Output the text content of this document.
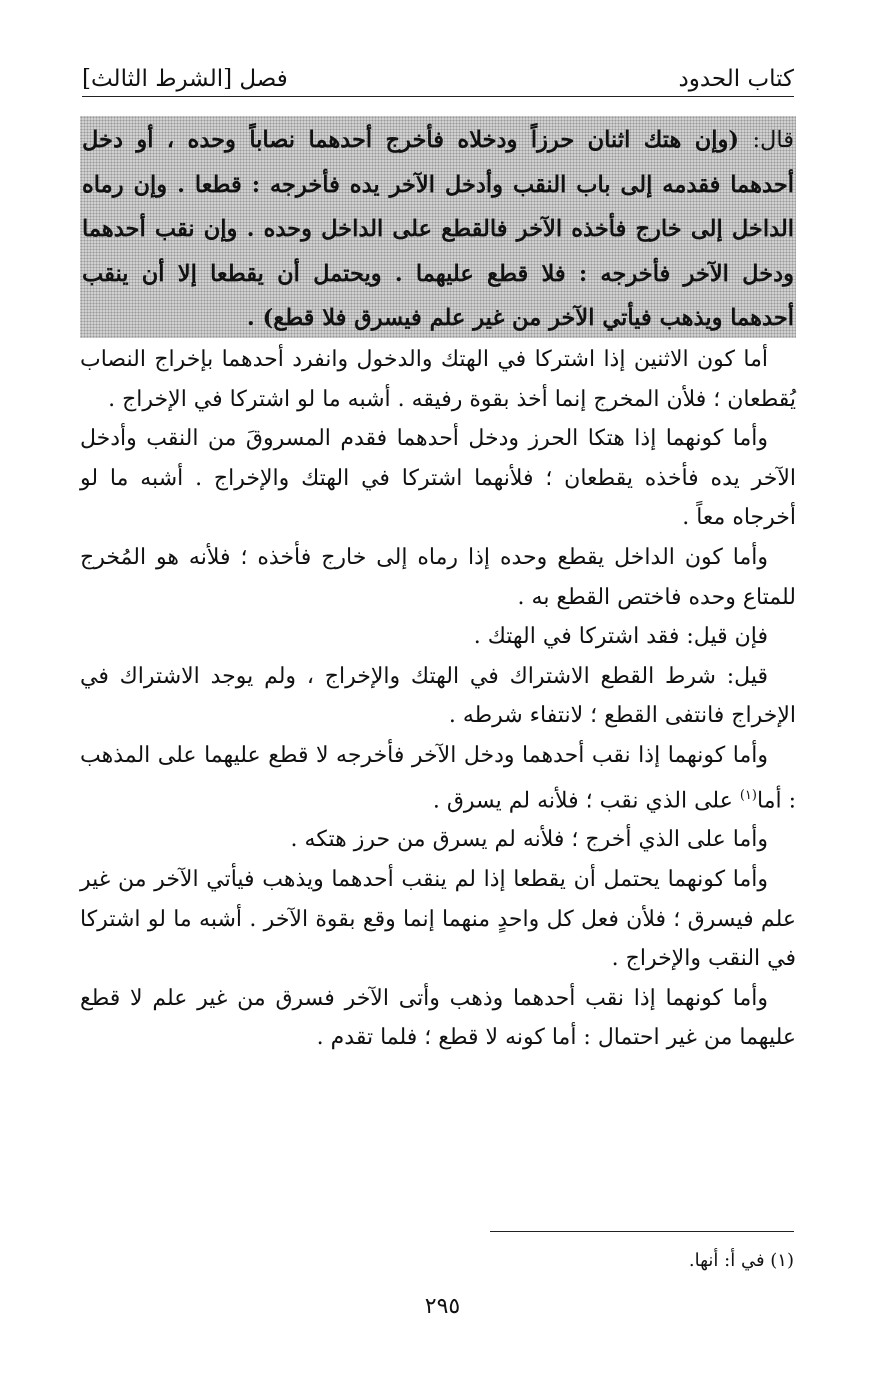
كتاب الحدود
فصل [الشرط الثالث]
قال: (وإن هتك اثنان حرزاً ودخلاه فأخرج أحدهما نصاباً وحده ، أو دخل أحدهما فقدمه إلى باب النقب وأدخل الآخر يده فأخرجه : قطعا . وإن رماه الداخل إلى خارج فأخذه الآخر فالقطع على الداخل وحده . وإن نقب أحدهما ودخل الآخر فأخرجه : فلا قطع عليهما . ويحتمل أن يقطعا إلا أن ينقب أحدهما ويذهب فيأتي الآخر من غير علم فيسرق فلا قطع) .

أما كون الاثنين إذا اشتركا في الهتك والدخول وانفرد أحدهما بإخراج النصاب يُقطعان ؛ فلأن المخرج إنما أخذ بقوة رفيقه . أشبه ما لو اشتركا في الإخراج .

وأما كونهما إذا هتكا الحرز ودخل أحدهما فقدم المسروقَ من النقب وأدخل الآخر يده فأخذه يقطعان ؛ فلأنهما اشتركا في الهتك والإخراج . أشبه ما لو أخرجاه معاً .

وأما كون الداخل يقطع وحده إذا رماه إلى خارج فأخذه ؛ فلأنه هو المُخرج للمتاع وحده فاختص القطع به .

فإن قيل: فقد اشتركا في الهتك .

قيل: شرط القطع الاشتراك في الهتك والإخراج ، ولم يوجد الاشتراك في الإخراج فانتفى القطع ؛ لانتفاء شرطه .

وأما كونهما إذا نقب أحدهما ودخل الآخر فأخرجه لا قطع عليهما على المذهب : أما$^{(١)}$ على الذي نقب ؛ فلأنه لم يسرق .

وأما على الذي أخرج ؛ فلأنه لم يسرق من حرز هتكه .

وأما كونهما يحتمل أن يقطعا إذا لم ينقب أحدهما ويذهب فيأتي الآخر من غير علم فيسرق ؛ فلأن فعل كل واحدٍ منهما إنما وقع بقوة الآخر . أشبه ما لو اشتركا في النقب والإخراج .

وأما كونهما إذا نقب أحدهما وذهب وأتى الآخر فسرق من غير علم لا قطع عليهما من غير احتمال : أما كونه لا قطع ؛ فلما تقدم .

(١) في أ: أنها.
٢٩٥
